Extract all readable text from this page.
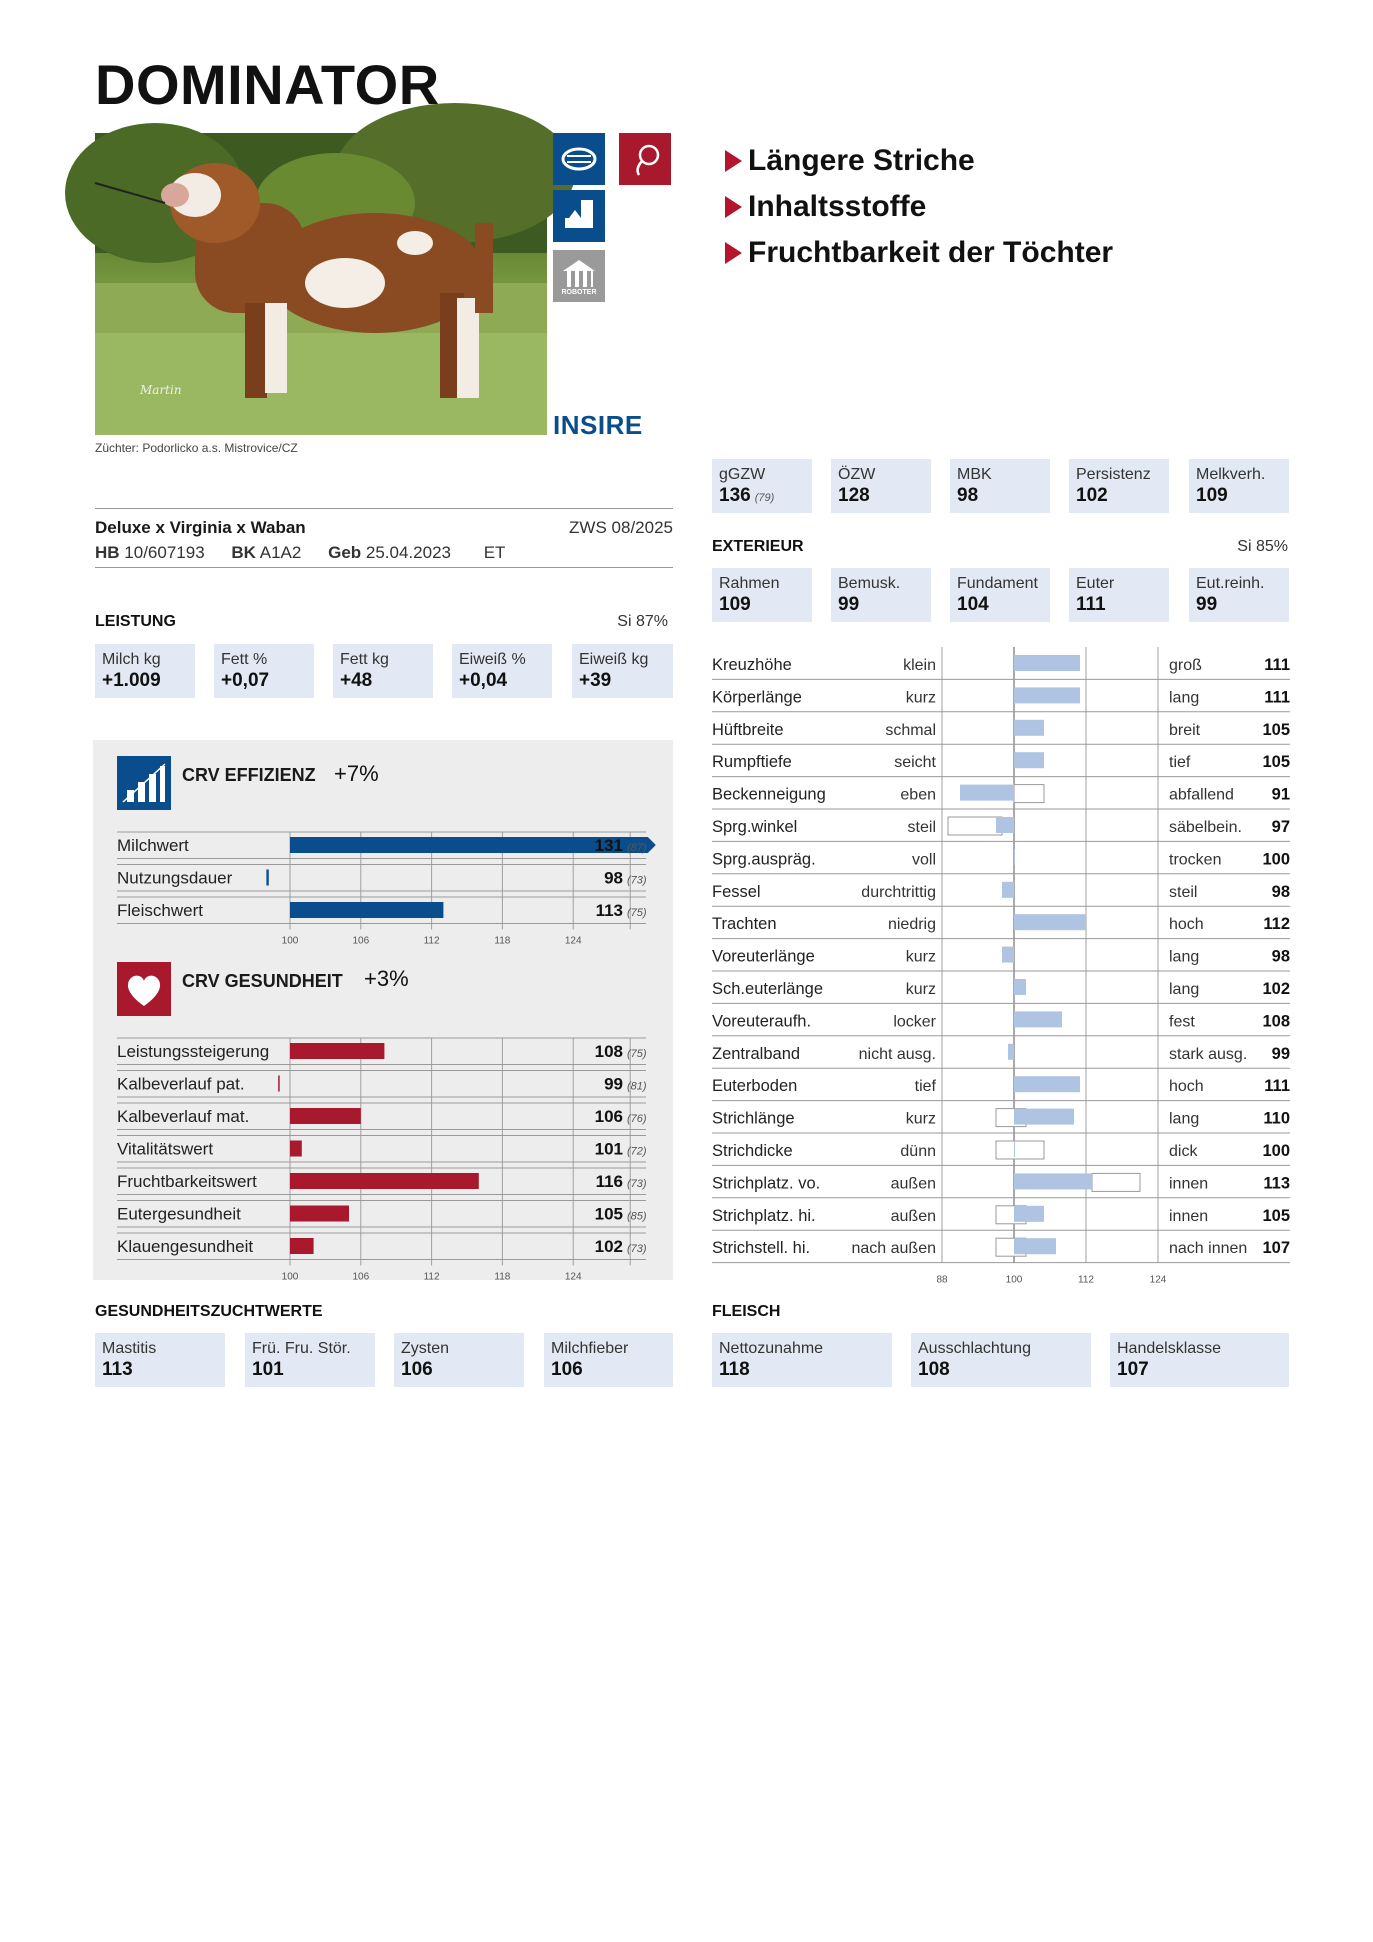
DOMINATOR
Martin
Züchter: Podorlicko a.s. Mistrovice/CZ
ROBOTER
INSIRE
Längere Striche
Inhaltsstoffe
Fruchtbarkeit der Töchter
Deluxe x Virginia x Waban	ZWS 08/2025
HB 10/607193 BK A1A2 Geb 25.04.2023 ET
LEISTUNG	Si 87%
Milch kg
+1.009
Fett %
+0,07
Fett kg
+48
Eiweiß %
+0,04
Eiweiß kg
+39
CRV EFFIZIENZ +7%
Milchwert	131 (87)
Nutzungsdauer	98 (73)
Fleischwert	113 (75)
100	106	112	118	124
CRV GESUNDHEIT +3%
Leistungssteigerung	108 (75)
Kalbeverlauf pat.	99 (81)
Kalbeverlauf mat.	106 (76)
Vitalitätswert	101 (72)
Fruchtbarkeitswert	116 (73)
Eutergesundheit	105 (85)
Klauengesundheit	102 (73)
100	106	112	118	124
gGZW
136 (79)
ÖZW
128
MBK
98
Persistenz
102
Melkverh.
109
EXTERIEUR	Si 85%
Rahmen
109
Bemusk.
99
Fundament
104
Euter
111
Eut.reinh.
99
Kreuzhöhe	klein	groß	111
Körperlänge	kurz	lang	111
Hüftbreite	schmal	breit	105
Rumpftiefe	seicht	tief	105
Beckenneigung	eben	abfallend 91
Sprg.winkel	steil	säbelbein. 97
Sprg.auspräg.	voll	trocken 100
Fessel	durchtrittig	steil	98
Trachten	niedrig	hoch	112
Voreuterlänge	kurz	lang	98
Sch.euterlänge	kurz	lang	102
Voreuteraufh.	locker	fest	108
Zentralband	nicht ausg.	stark ausg. 99
Euterboden	tief	hoch	111
Strichlänge	kurz	lang	110
Strichdicke	dünn	dick	100
Strichplatz. vo.	außen	innen	113
Strichplatz. hi.	außen	innen	105
Strichstell. hi.	nach außen	nach innen 107
88	100	112	124
GESUNDHEITSZUCHTWERTE
Mastitis
113
Frü. Fru. Stör.
101
Zysten
106
Milchfieber
106
FLEISCH
Nettozunahme
118
Ausschlachtung
108
Handelsklasse
107
